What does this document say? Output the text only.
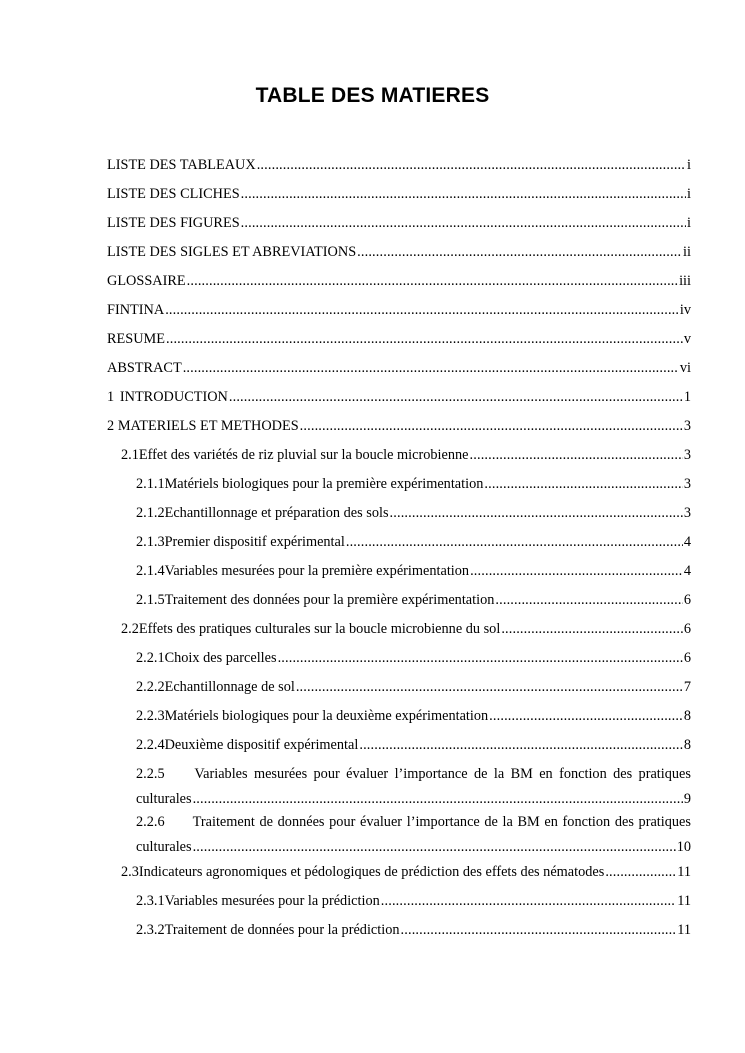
TABLE DES MATIERES
LISTE DES TABLEAUX .....	i
LISTE DES CLICHES .....	i
LISTE DES FIGURES .....	i
LISTE DES SIGLES ET ABREVIATIONS .....	ii
GLOSSAIRE .....	iii
FINTINA .....	iv
RESUME .....	v
ABSTRACT .....	vi
1 INTRODUCTION .....	1
2 MATERIELS ET METHODES .....	3
2.1 Effet des variétés de riz pluvial sur la boucle microbienne .....	3
2.1.1 Matériels biologiques pour la première expérimentation .....	3
2.1.2 Echantillonnage et préparation des sols .....	3
2.1.3 Premier dispositif expérimental .....	4
2.1.4 Variables mesurées pour la première expérimentation .....	4
2.1.5 Traitement des données pour la première expérimentation .....	6
2.2 Effets des pratiques culturales sur la boucle microbienne du sol .....	6
2.2.1 Choix des parcelles .....	6
2.2.2 Echantillonnage de sol .....	7
2.2.3 Matériels biologiques pour la deuxième expérimentation .....	8
2.2.4 Deuxième dispositif expérimental .....	8
2.2.5	Variables mesurées pour évaluer l’importance de la BM en fonction des pratiques
culturales .....	9
2.2.6	Traitement de données pour évaluer l’importance de la BM en fonction des pratiques
culturales .....	10
2.3 Indicateurs agronomiques et pédologiques de prédiction des effets des nématodes .....	11
2.3.1 Variables mesurées pour la prédiction .....	11
2.3.2 Traitement de données pour la prédiction .....	11
